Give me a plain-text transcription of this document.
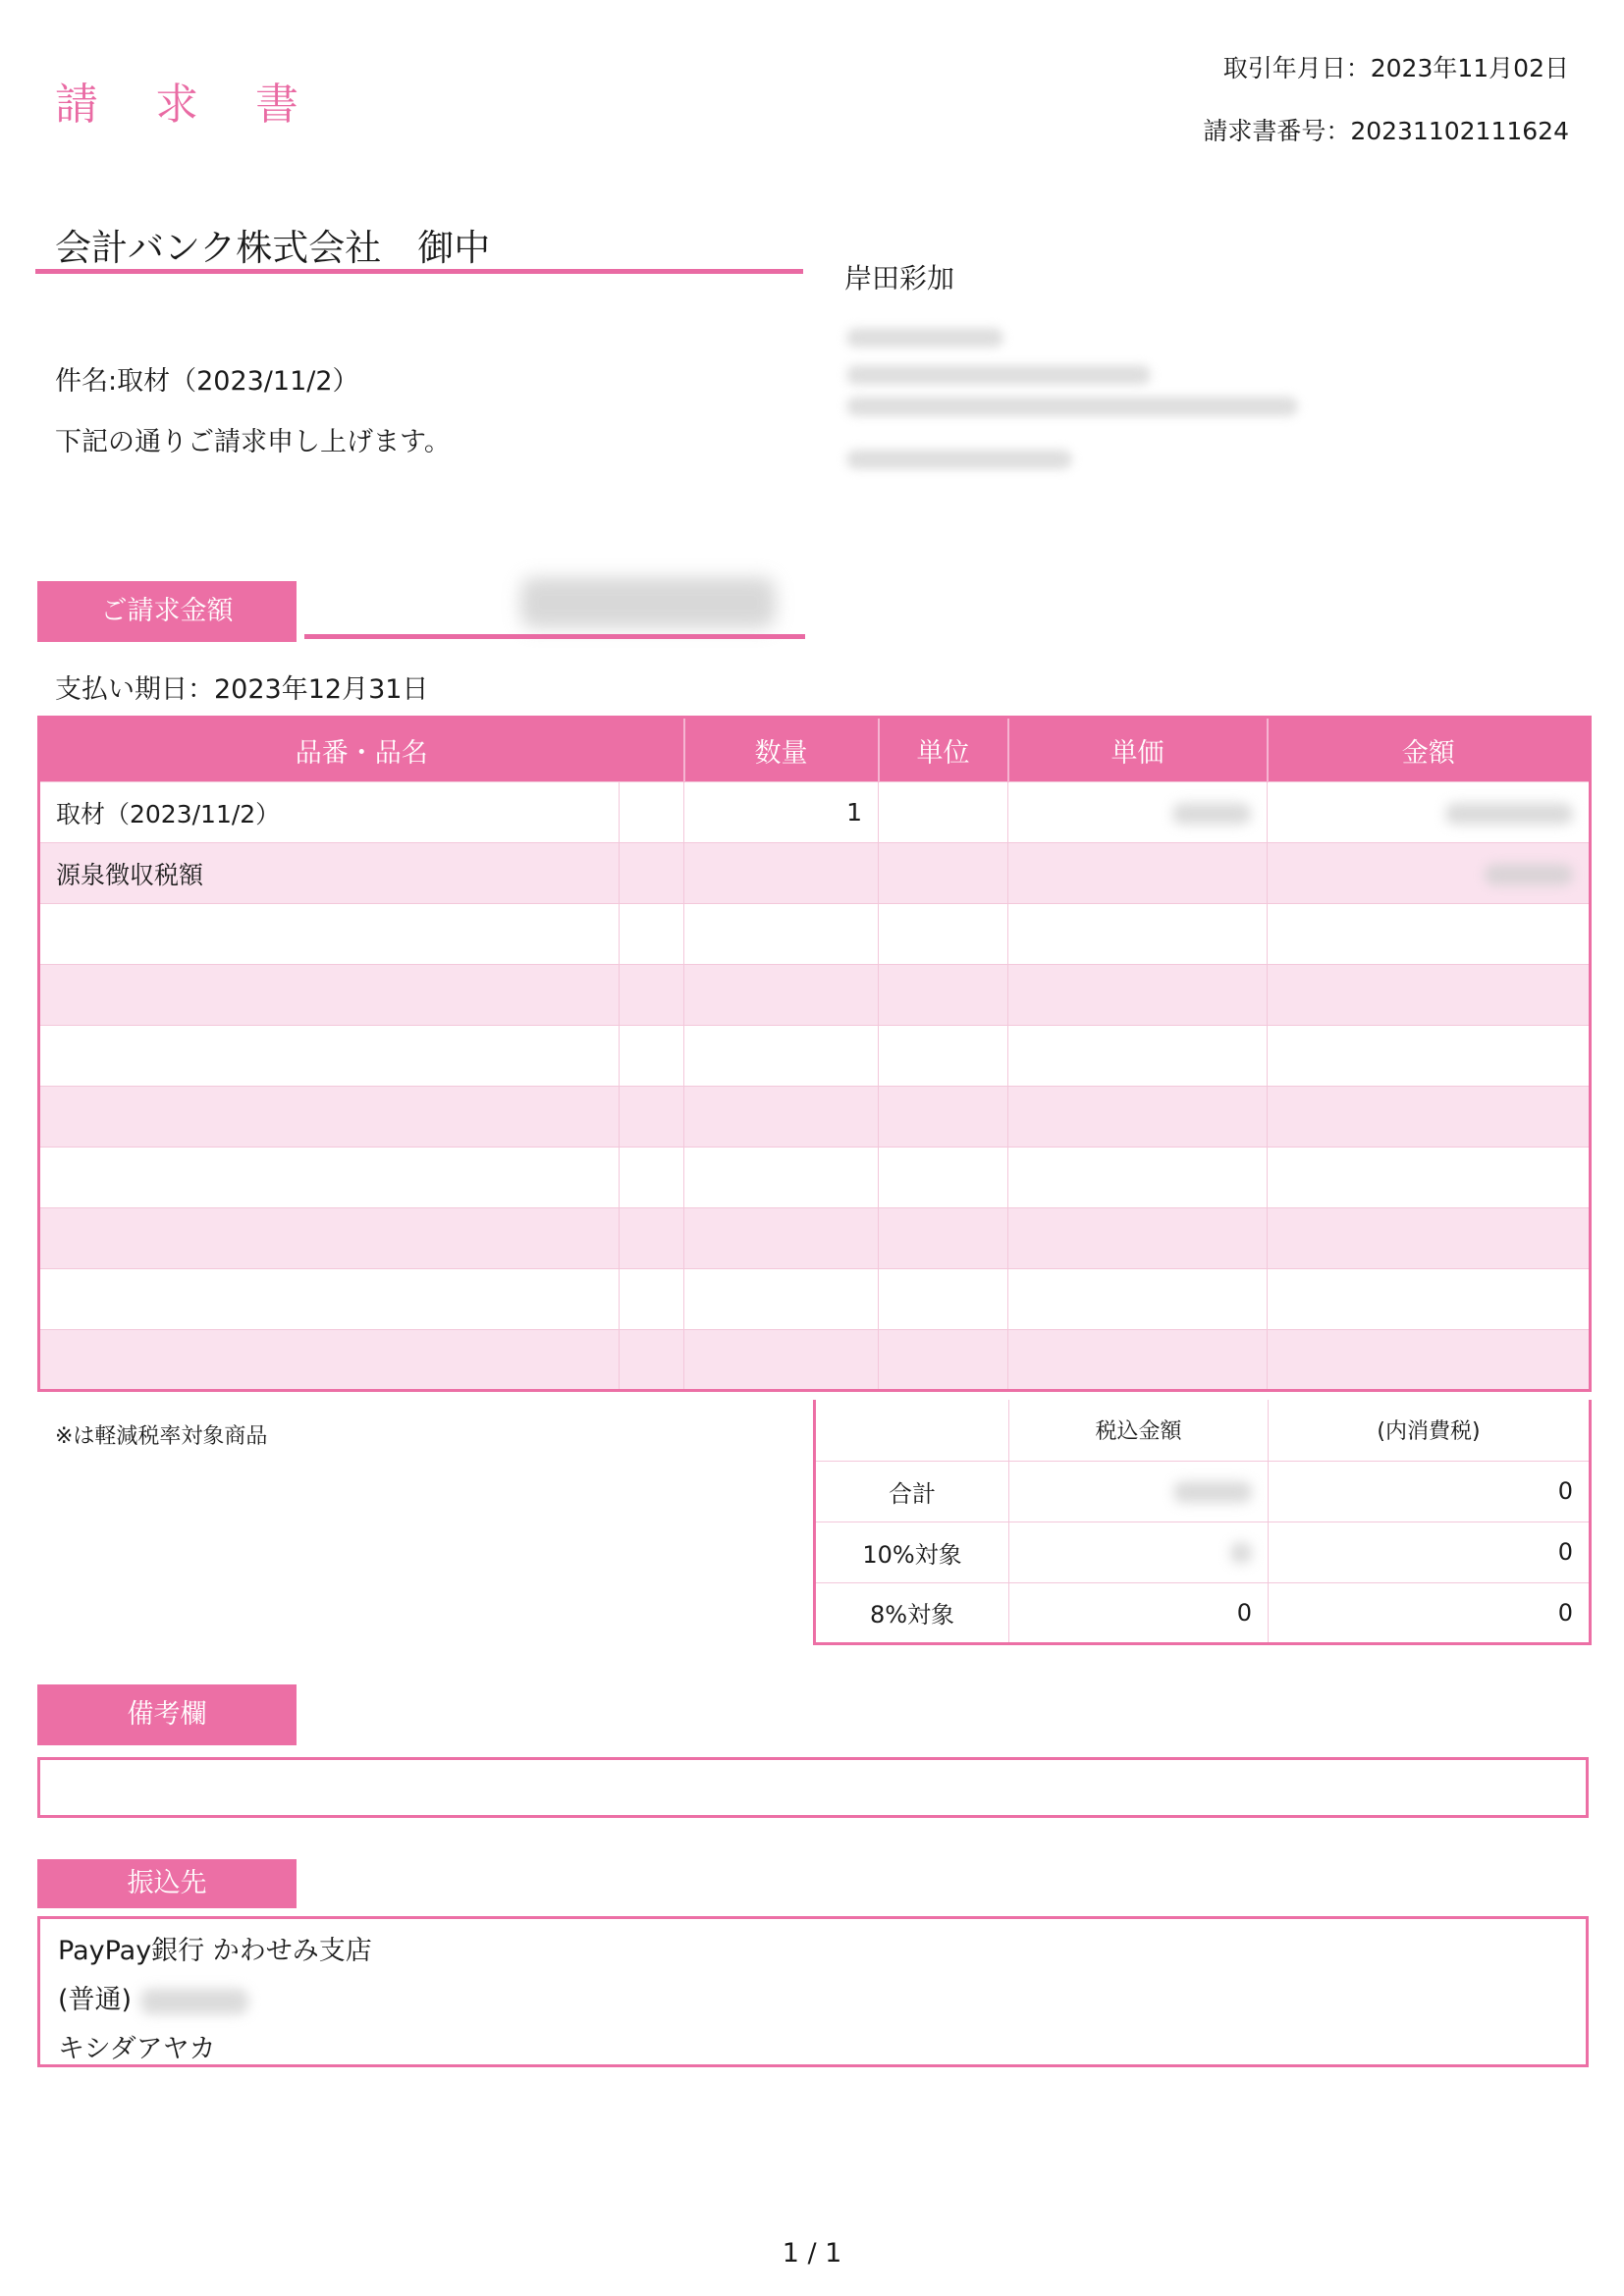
請 求 書
取引年月日：2023年11月02日
請求書番号：20231102111624
会計バンク株式会社　御中
岸田彩加
件名:取材（2023/11/2）
下記の通りご請求申し上げます。
ご請求金額
支払い期日：2023年12月31日
品番・品名		数量	単位	単価	金額
取材（2023/11/2）		1			
源泉徴収税額					

※は軽減税率対象商品
		税込金額	(内消費税)
合計		0
10%対象		0
8%対象	0	0
備考欄
振込先
PayPay銀行 かわせみ支店
(普通)
キシダアヤカ
1 / 1
